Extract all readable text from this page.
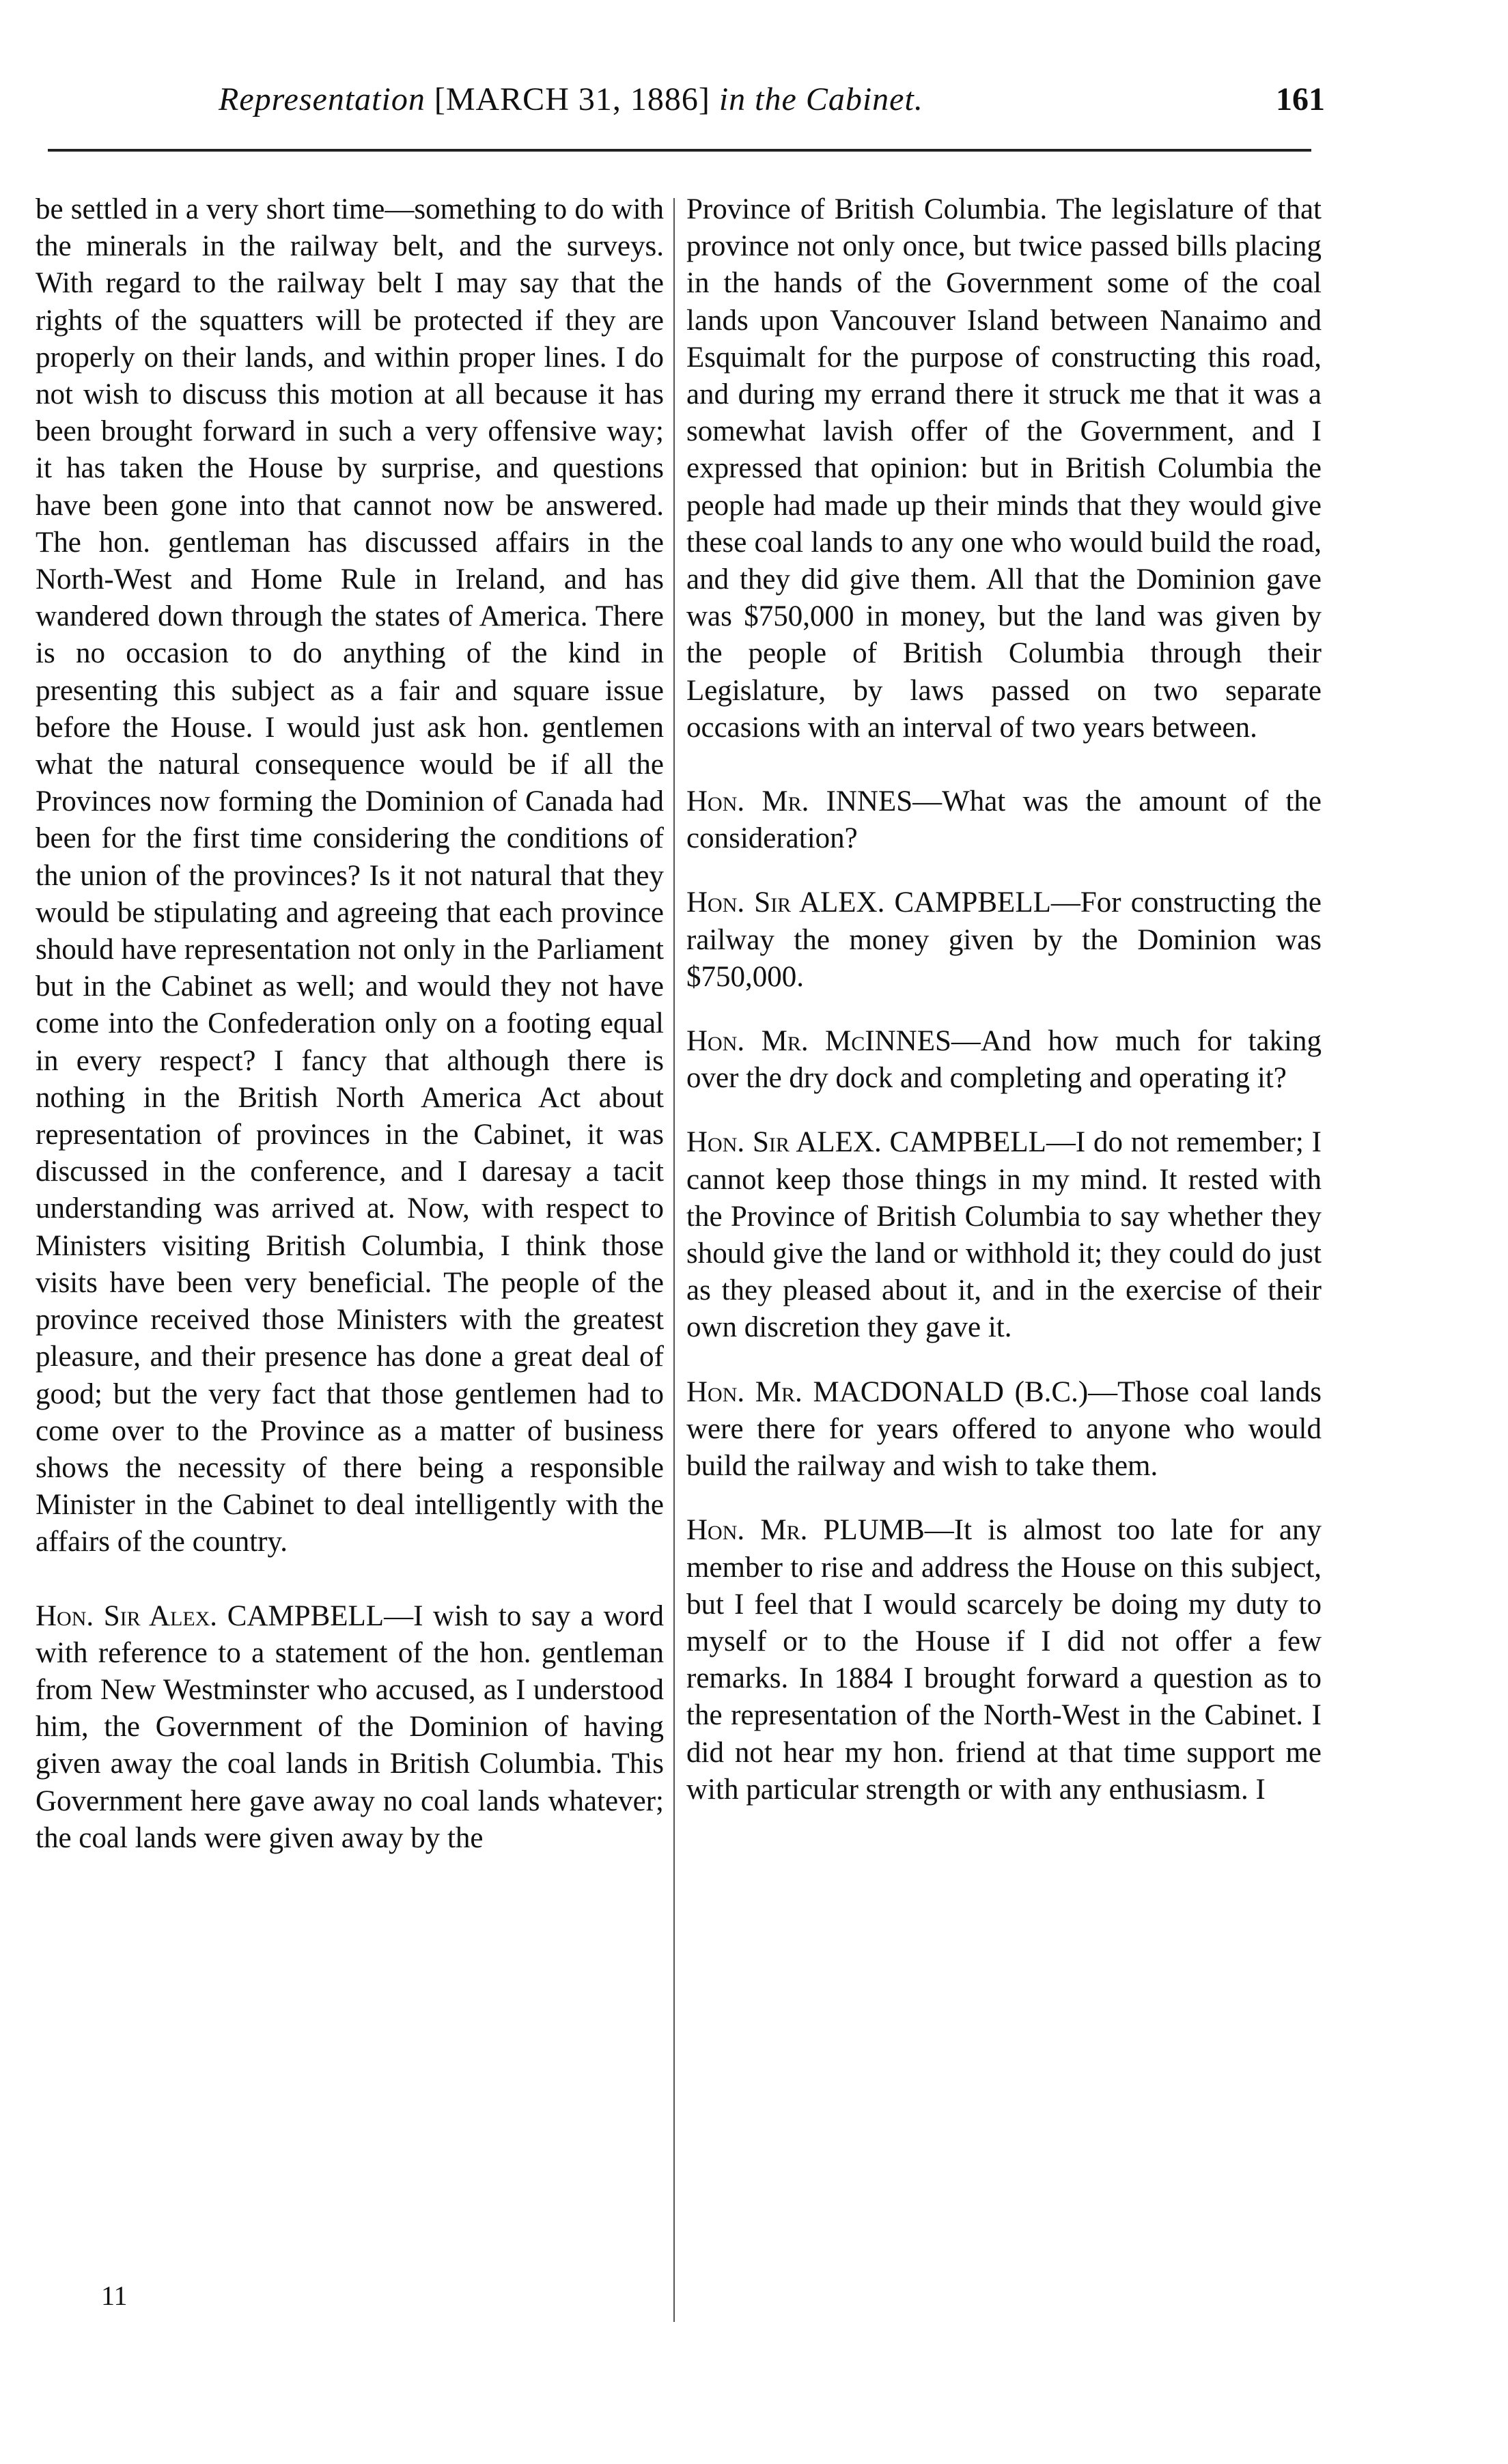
Representation [MARCH 31, 1886] in the Cabinet.	161

be settled in a very short time—something to do with the minerals in the railway belt, and the surveys. With regard to the railway belt I may say that the rights of the squatters will be protected if they are properly on their lands, and within proper lines. I do not wish to discuss this motion at all because it has been brought forward in such a very offensive way; it has taken the House by surprise, and questions have been gone into that cannot now be answered. The hon. gentleman has discussed affairs in the North-West and Home Rule in Ireland, and has wandered down through the states of America. There is no occasion to do anything of the kind in presenting this subject as a fair and square issue before the House. I would just ask hon. gentlemen what the natural consequence would be if all the Provinces now forming the Dominion of Canada had been for the first time considering the conditions of the union of the provinces? Is it not natural that they would be stipulating and agreeing that each province should have representation not only in the Parliament but in the Cabinet as well; and would they not have come into the Confederation only on a footing equal in every respect? I fancy that although there is nothing in the British North America Act about representation of provinces in the Cabinet, it was discussed in the conference, and I daresay a tacit understanding was arrived at. Now, with respect to Ministers visiting British Columbia, I think those visits have been very beneficial. The people of the province received those Ministers with the greatest pleasure, and their presence has done a great deal of good; but the very fact that those gentlemen had to come over to the Province as a matter of business shows the necessity of there being a responsible Minister in the Cabinet to deal intelligently with the affairs of the country.

Hon. Sir Alex. CAMPBELL—I wish to say a word with reference to a statement of the hon. gentleman from New Westminster who accused, as I understood him, the Government of the Dominion of having given away the coal lands in British Columbia. This Government here gave away no coal lands whatever; the coal lands were given away by the

Province of British Columbia. The legislature of that province not only once, but twice passed bills placing in the hands of the Government some of the coal lands upon Vancouver Island between Nanaimo and Esquimalt for the purpose of constructing this road, and during my errand there it struck me that it was a somewhat lavish offer of the Government, and I expressed that opinion: but in British Columbia the people had made up their minds that they would give these coal lands to any one who would build the road, and they did give them. All that the Dominion gave was $750,000 in money, but the land was given by the people of British Columbia through their Legislature, by laws passed on two separate occasions with an interval of two years between.

Hon. Mr. INNES—What was the amount of the consideration?

Hon. Sir ALEX. CAMPBELL—For constructing the railway the money given by the Dominion was $750,000.

Hon. Mr. McINNES—And how much for taking over the dry dock and completing and operating it?

Hon. Sir ALEX. CAMPBELL—I do not remember; I cannot keep those things in my mind. It rested with the Province of British Columbia to say whether they should give the land or withhold it; they could do just as they pleased about it, and in the exercise of their own discretion they gave it.

Hon. Mr. MACDONALD (B.C.)—Those coal lands were there for years offered to anyone who would build the railway and wish to take them.

Hon. Mr. PLUMB—It is almost too late for any member to rise and address the House on this subject, but I feel that I would scarcely be doing my duty to myself or to the House if I did not offer a few remarks. In 1884 I brought forward a question as to the representation of the North-West in the Cabinet. I did not hear my hon. friend at that time support me with particular strength or with any enthusiasm. I

11
